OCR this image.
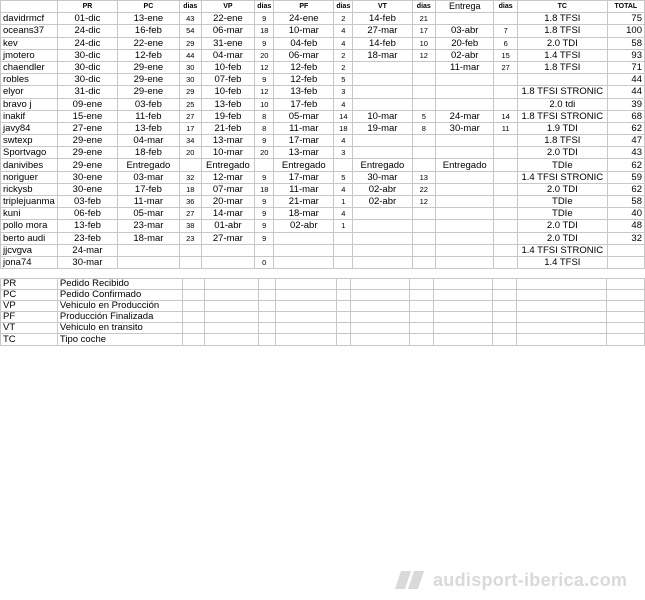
	PR	PC	dias	VP	dias	PF	dias	VT	dias	Entrega	dias	TC	TOTAL
davidrmcf	01-dic	13-ene	43	22-ene	9	24-ene	2	14-feb	21			1.8 TFSI	75
oceans37	24-dic	16-feb	54	06-mar	18	10-mar	4	27-mar	17	03-abr	7	1.8 TFSI	100
kev	24-dic	22-ene	29	31-ene	9	04-feb	4	14-feb	10	20-feb	6	2.0 TDI	58
jmotero	30-dic	12-feb	44	04-mar	20	06-mar	2	18-mar	12	02-abr	15	1.4 TFSI	93
chaendler	30-dic	29-ene	30	10-feb	12	12-feb	2			11-mar	27	1.8 TFSI	71
robles	30-dic	29-ene	30	07-feb	9	12-feb	5						44
elyor	31-dic	29-ene	29	10-feb	12	13-feb	3					1.8 TFSI STRONIC	44
bravo j	09-ene	03-feb	25	13-feb	10	17-feb	4					2.0 tdi	39
inakif	15-ene	11-feb	27	19-feb	8	05-mar	14	10-mar	5	24-mar	14	1.8 TFSI STRONIC	68
javy84	27-ene	13-feb	17	21-feb	8	11-mar	18	19-mar	8	30-mar	11	1.9 TDI	62
swtexp	29-ene	04-mar	34	13-mar	9	17-mar	4					1.8 TFSI	47
Sportvago	29-ene	18-feb	20	10-mar	20	13-mar	3					2.0 TDI	43
danivibes	29-ene	Entregado		Entregado		Entregado		Entregado		Entregado		TDIe	62
noriguer	30-ene	03-mar	32	12-mar	9	17-mar	5	30-mar	13			1.4 TFSI STRONIC	59
rickysb	30-ene	17-feb	18	07-mar	18	11-mar	4	02-abr	22			2.0 TDI	62
triplejuanma	03-feb	11-mar	36	20-mar	9	21-mar	1	02-abr	12			TDIe	58
kuni	06-feb	05-mar	27	14-mar	9	18-mar	4					TDIe	40
pollo mora	13-feb	23-mar	38	01-abr	9	02-abr	1					2.0 TDI	48
berto audi	23-feb	18-mar	23	27-mar	9							2.0 TDI	32
jjcvgva	24-mar											1.4 TFSI STRONIC	
jona74	30-mar				0							1.4 TFSI	
PR	Pedido Recibido											
PC	Pedido Confirmado											
VP	Vehiculo en Producción											
PF	Producción Finalizada											
VT	Vehiculo en transito											
TC	Tipo coche											
audisport-iberica.com
